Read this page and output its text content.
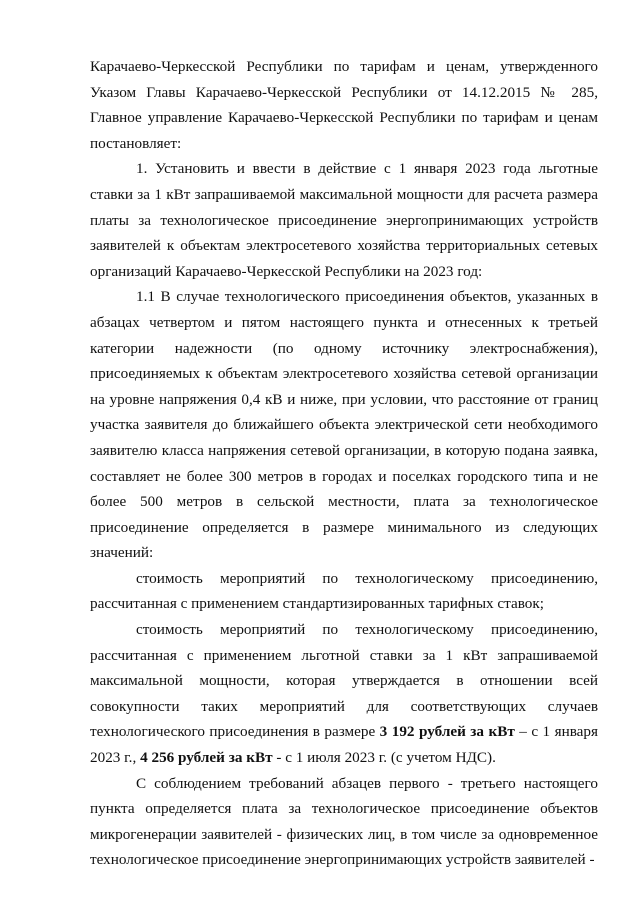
Карачаево-Черкесской Республики по тарифам и ценам, утвержденного Указом Главы Карачаево-Черкесской Республики от 14.12.2015 № 285, Главное управление Карачаево-Черкесской Республики по тарифам и ценам постановляет:

1. Установить и ввести в действие с 1 января 2023 года льготные ставки за 1 кВт запрашиваемой максимальной мощности для расчета размера платы за технологическое присоединение энергопринимающих устройств заявителей к объектам электросетевого хозяйства территориальных сетевых организаций Карачаево-Черкесской Республики на 2023 год:

1.1 В случае технологического присоединения объектов, указанных в абзацах четвертом и пятом настоящего пункта и отнесенных к третьей категории надежности (по одному источнику электроснабжения), присоединяемых к объектам электросетевого хозяйства сетевой организации на уровне напряжения 0,4 кВ и ниже, при условии, что расстояние от границ участка заявителя до ближайшего объекта электрической сети необходимого заявителю класса напряжения сетевой организации, в которую подана заявка, составляет не более 300 метров в городах и поселках городского типа и не более 500 метров в сельской местности, плата за технологическое присоединение определяется в размере минимального из следующих значений:

стоимость мероприятий по технологическому присоединению, рассчитанная с применением стандартизированных тарифных ставок;

стоимость мероприятий по технологическому присоединению, рассчитанная с применением льготной ставки за 1 кВт запрашиваемой максимальной мощности, которая утверждается в отношении всей совокупности таких мероприятий для соответствующих случаев технологического присоединения в размере 3 192 рублей за кВт – с 1 января 2023 г., 4 256 рублей за кВт - с 1 июля 2023 г. (с учетом НДС).

С соблюдением требований абзацев первого - третьего настоящего пункта определяется плата за технологическое присоединение объектов микрогенерации заявителей - физических лиц, в том числе за одновременное технологическое присоединение энергопринимающих устройств заявителей -
